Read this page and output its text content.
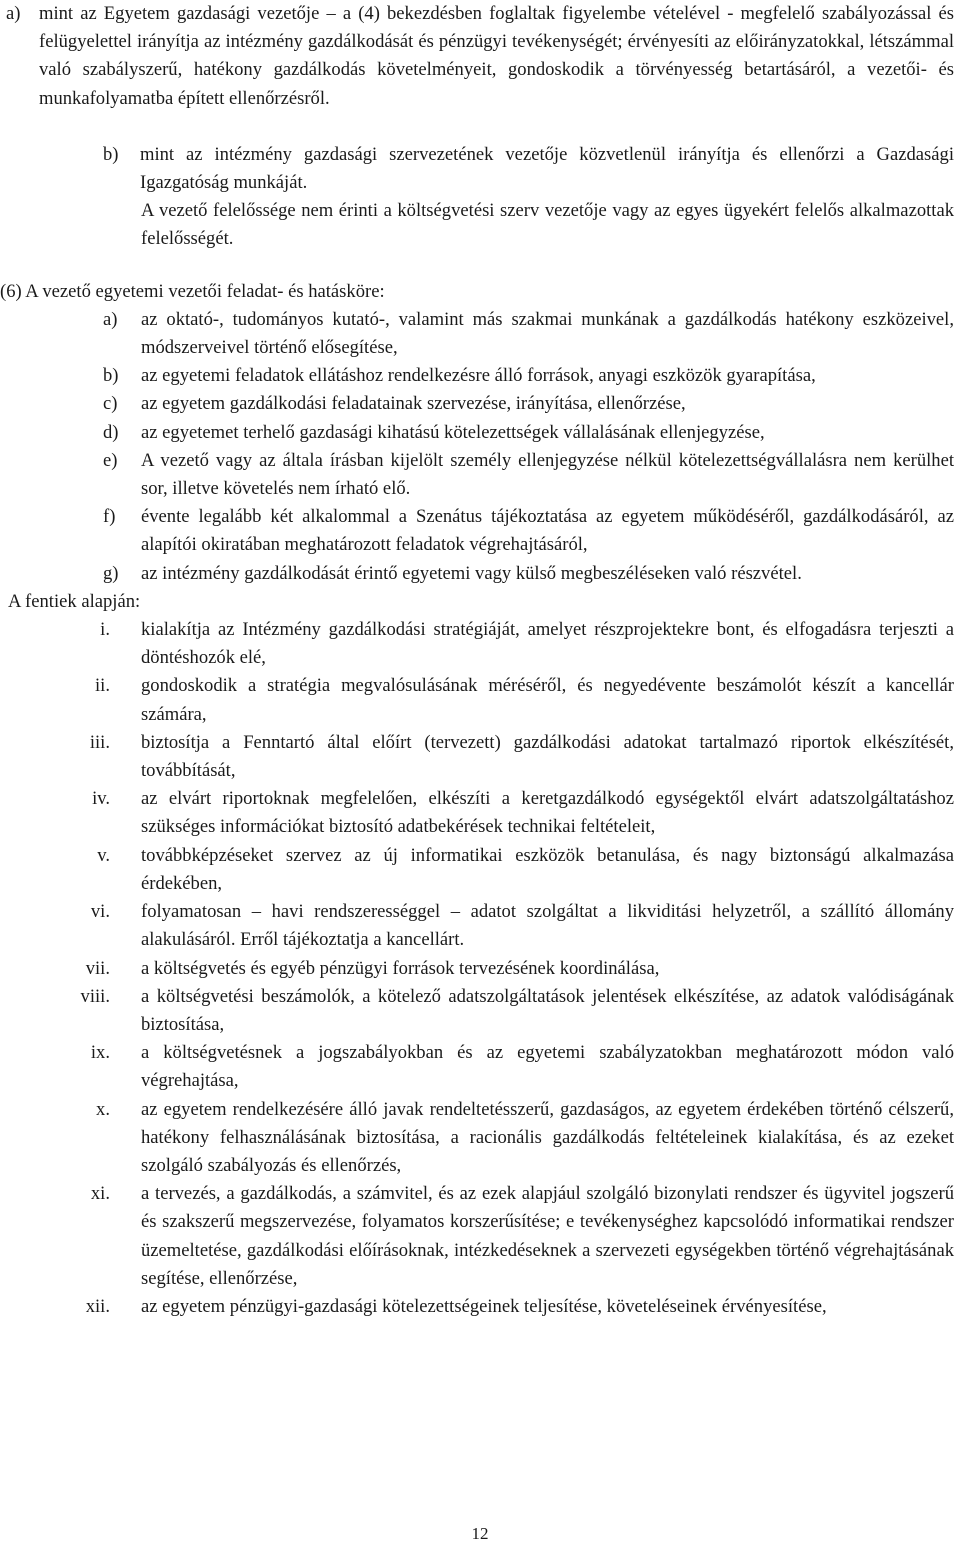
a) mint az Egyetem gazdasági vezetője – a (4) bekezdésben foglaltak figyelembe vételével - megfelelő szabályozással és felügyelettel irányítja az intézmény gazdálkodását és pénzügyi tevékenységét; érvényesíti az előirányzatokkal, létszámmal való szabályszerű, hatékony gazdálkodás követelményeit, gondoskodik a törvényesség betartásáról, a vezetői- és munkafolyamatba épített ellenőrzésről.
b)	mint az intézmény gazdasági szervezetének vezetője közvetlenül irányítja és ellenőrzi a Gazdasági Igazgatóság munkáját.
A vezető felelőssége nem érinti a költségvetési szerv vezetője vagy az egyes ügyekért felelős alkalmazottak felelősségét.
(6) A vezető egyetemi vezetői feladat- és hatásköre:
a)	az oktató-, tudományos kutató-, valamint más szakmai munkának a gazdálkodás hatékony eszközeivel, módszerveivel történő elősegítése,
b)	az egyetemi feladatok ellátáshoz rendelkezésre álló források, anyagi eszközök gyarapítása,
c)	az egyetem gazdálkodási feladatainak szervezése, irányítása, ellenőrzése,
d)	az egyetemet terhelő gazdasági kihatású kötelezettségek vállalásának ellenjegyzése,
e)	A vezető vagy az általa írásban kijelölt személy ellenjegyzése nélkül kötelezettségvállalásra nem kerülhet sor, illetve követelés nem írható elő.
f)	évente legalább két alkalommal a Szenátus tájékoztatása az egyetem működéséről, gazdálkodásáról, az alapítói okiratában meghatározott feladatok végrehajtásáról,
g)	az intézmény gazdálkodását érintő egyetemi vagy külső megbeszéléseken való részvétel.
A fentiek alapján:
i.	kialakítja az Intézmény gazdálkodási stratégiáját, amelyet részprojektekre bont, és elfogadásra terjeszti a döntéshozók elé,
ii.	gondoskodik a stratégia megvalósulásának méréséről, és negyedévente beszámolót készít a kancellár számára,
iii.	biztosítja a Fenntartó által előírt (tervezett) gazdálkodási adatokat tartalmazó riportok elkészítését, továbbítását,
iv.	az elvárt riportoknak megfelelően, elkészíti a keretgazdálkodó egységektől elvárt adatszolgáltatáshoz szükséges információkat biztosító adatbekérések technikai feltételeit,
v.	továbbképzéseket szervez az új informatikai eszközök betanulása, és nagy biztonságú alkalmazása érdekében,
vi.	folyamatosan – havi rendszerességgel – adatot szolgáltat a likviditási helyzetről, a szállító állomány alakulásáról. Erről tájékoztatja a kancellárt.
vii.	a költségvetés és egyéb pénzügyi források tervezésének koordinálása,
viii.	a költségvetési beszámolók, a kötelező adatszolgáltatások jelentések elkészítése, az adatok valódiságának biztosítása,
ix.	a költségvetésnek a jogszabályokban és az egyetemi szabályzatokban meghatározott módon való végrehajtása,
x.	az egyetem rendelkezésére álló javak rendeltetésszerű, gazdaságos, az egyetem érdekében történő célszerű, hatékony felhasználásának biztosítása, a racionális gazdálkodás feltételeinek kialakítása, és az ezeket szolgáló szabályozás és ellenőrzés,
xi.	a tervezés, a gazdálkodás, a számvitel, és az ezek alapjául szolgáló bizonylati rendszer és ügyvitel jogszerű és szakszerű megszervezése, folyamatos korszerűsítése; e tevékenységhez kapcsolódó informatikai rendszer üzemeltetése, gazdálkodási előírásoknak, intézkedéseknek a szervezeti egységekben történő végrehajtásának segítése, ellenőrzése,
xii.	az egyetem pénzügyi-gazdasági kötelezettségeinek teljesítése, követeléseinek érvényesítése,
12
